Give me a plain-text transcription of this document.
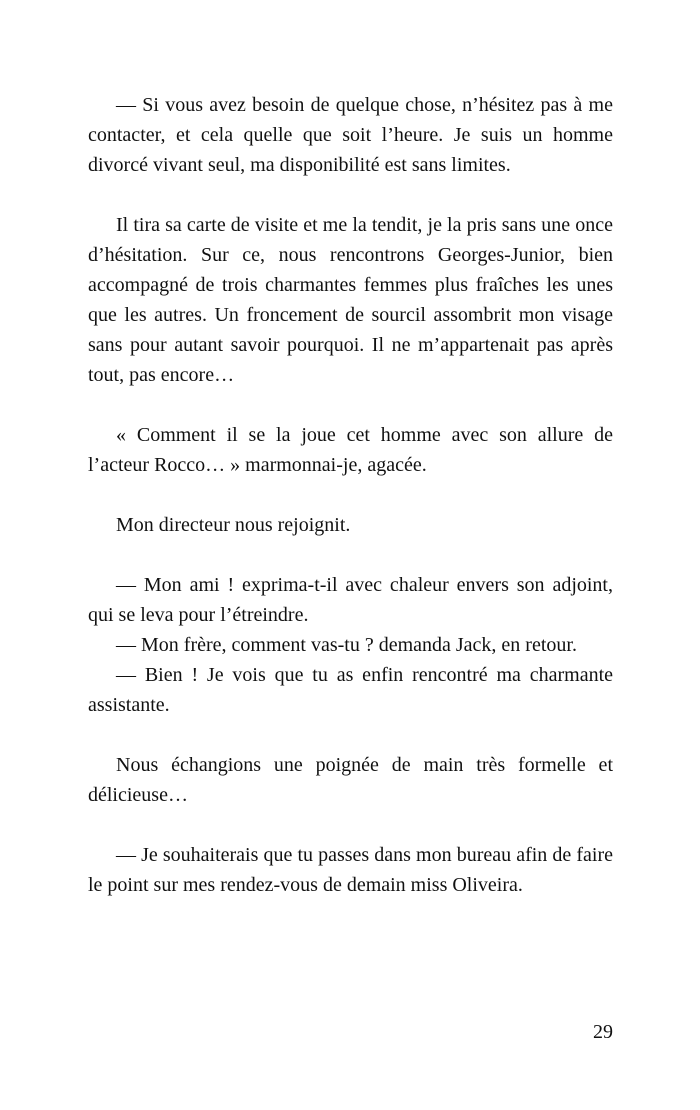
— Si vous avez besoin de quelque chose, n’hésitez pas à me contacter, et cela quelle que soit l’heure. Je suis un homme divorcé vivant seul, ma disponibilité est sans limites.

Il tira sa carte de visite et me la tendit, je la pris sans une once d’hésitation. Sur ce, nous rencontrons Georges-Junior, bien accompagné de trois charmantes femmes plus fraîches les unes que les autres. Un froncement de sourcil assombrit mon visage sans pour autant savoir pourquoi. Il ne m’appartenait pas après tout, pas encore…

« Comment il se la joue cet homme avec son allure de l’acteur Rocco… » marmonnai-je, agacée.

Mon directeur nous rejoignit.

— Mon ami ! exprima-t-il avec chaleur envers son adjoint, qui se leva pour l’étreindre.

— Mon frère, comment vas-tu ? demanda Jack, en retour.

— Bien ! Je vois que tu as enfin rencontré ma charmante assistante.

Nous échangions une poignée de main très formelle et délicieuse…

— Je souhaiterais que tu passes dans mon bureau afin de faire le point sur mes rendez-vous de demain miss Oliveira.

29
